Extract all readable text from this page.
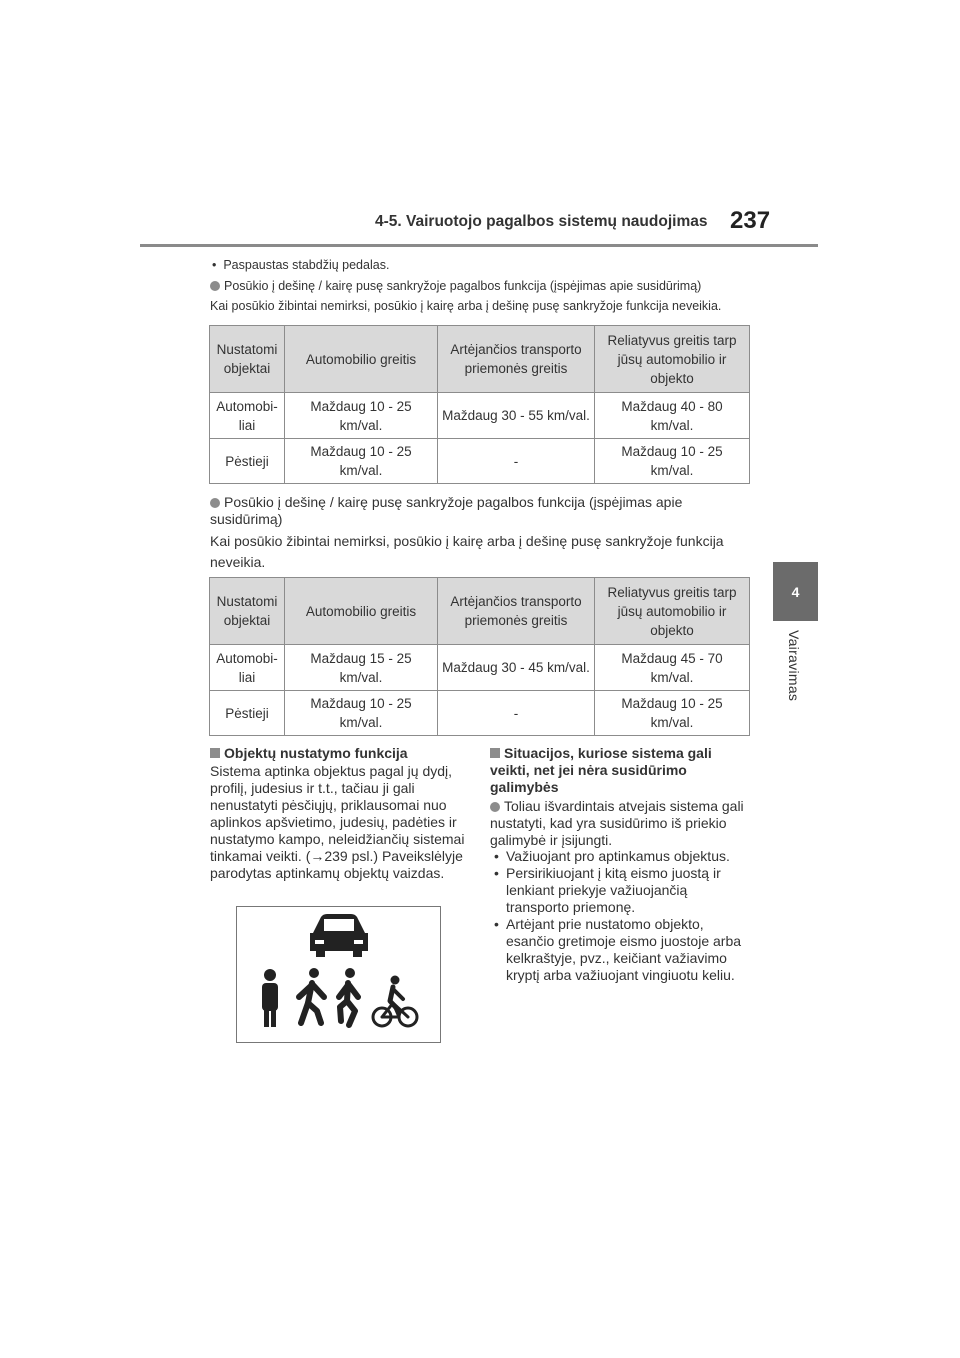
4-5. Vairuotojo pagalbos sistemų naudojimas 237
4
Vairavimas
•  Paspaustas stabdžių pedalas.
Posūkio į dešinę / kairę pusę sankryžoje pagalbos funkcija (įspėjimas apie susidūrimą)
Kai posūkio žibintai nemirksi, posūkio į kairę arba į dešinę pusę sankryžoje funkcija neveikia.
Nustatomi objektai	Automobilio greitis	Artėjančios transporto priemonės greitis	Reliatyvus greitis tarp jūsų automobilio ir objekto
Automobi-liai	Maždaug 10 - 25 km/val.	Maždaug 30 - 55 km/val.	Maždaug 40 - 80 km/val.
Pėstieji	Maždaug 10 - 25 km/val.	-	Maždaug 10 - 25 km/val.
Posūkio į dešinę / kairę pusę sankryžoje pagalbos funkcija (įspėjimas apie susidūrimą)
Kai posūkio žibintai nemirksi, posūkio į kairę arba į dešinę pusę sankryžoje funkcija neveikia.
Nustatomi objektai	Automobilio greitis	Artėjančios transporto priemonės greitis	Reliatyvus greitis tarp jūsų automobilio ir objekto
Automobi-liai	Maždaug 15 - 25 km/val.	Maždaug 30 - 45 km/val.	Maždaug 45 - 70 km/val.
Pėstieji	Maždaug 10 - 25 km/val.	-	Maždaug 10 - 25 km/val.
Objektų nustatymo funkcija
Sistema aptinka objektus pagal jų dydį, profilį, judesius ir t.t., tačiau ji gali nenustatyti pėsčiųjų, priklausomai nuo aplinkos apšvietimo, judesių, padėties ir nustatymo kampo, neleidžiančių sistemai tinkamai veikti. (→239 psl.) Paveikslėlyje parodytas aptinkamų objektų vaizdas.
Situacijos, kuriose sistema gali veikti, net jei nėra susidūrimo galimybės
Toliau išvardintais atvejais sistema gali nustatyti, kad yra susidūrimo iš priekio galimybė ir įsijungti.
• Važiuojant pro aptinkamus objektus.
• Persirikiuojant į kitą eismo juostą ir lenkiant priekyje važiuojančią transporto priemonę.
• Artėjant prie nustatomo objekto, esančio gretimoje eismo juostoje arba kelkraštyje, pvz., keičiant važiavimo kryptį arba važiuojant vingiuotu keliu.
